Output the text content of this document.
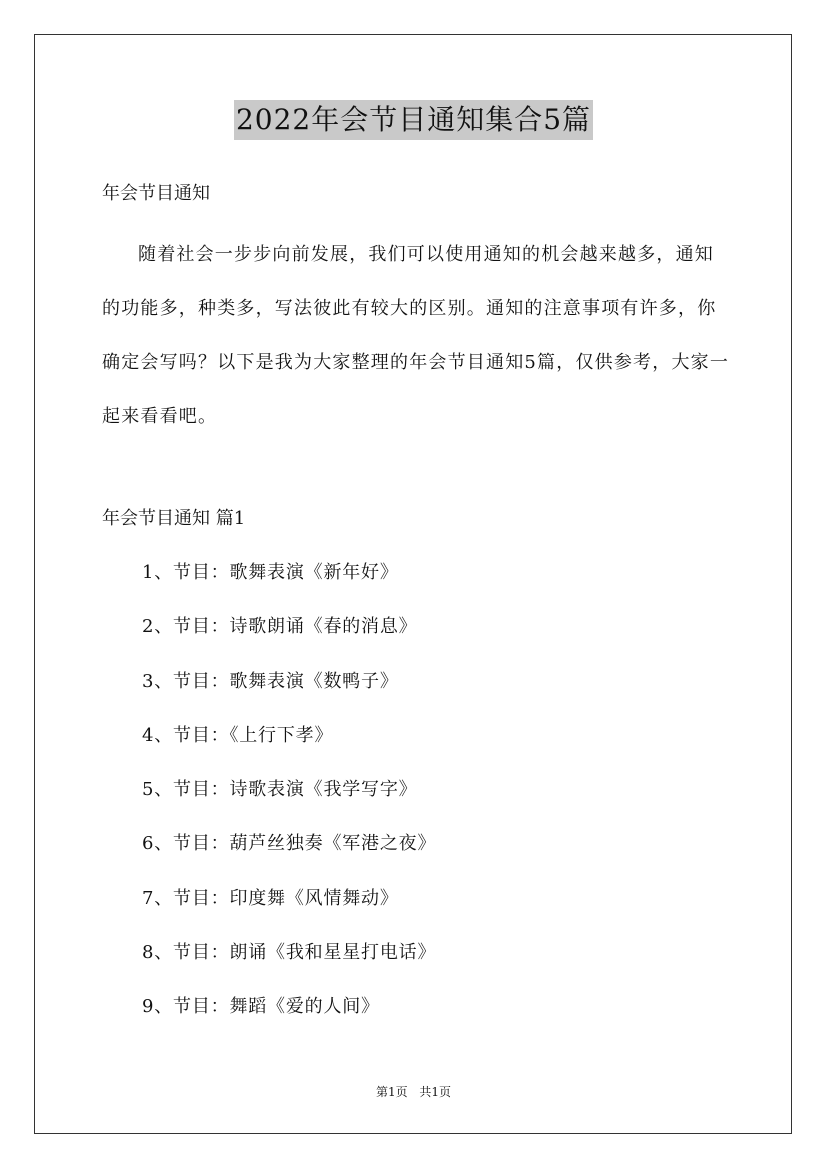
2022年会节目通知集合5篇
年会节目通知

随着社会一步步向前发展，我们可以使用通知的机会越来越多，通知的功能多，种类多，写法彼此有较大的区别。通知的注意事项有许多，你确定会写吗？以下是我为大家整理的年会节目通知5篇，仅供参考，大家一起来看看吧。

年会节目通知 篇1
1、节目：歌舞表演《新年好》
2、节目：诗歌朗诵《春的消息》
3、节目：歌舞表演《数鸭子》
4、节目：《上行下孝》
5、节目：诗歌表演《我学写字》
6、节目：葫芦丝独奏《军港之夜》
7、节目：印度舞《风情舞动》
8、节目：朗诵《我和星星打电话》
9、节目：舞蹈《爱的人间》
第1页 共1页
